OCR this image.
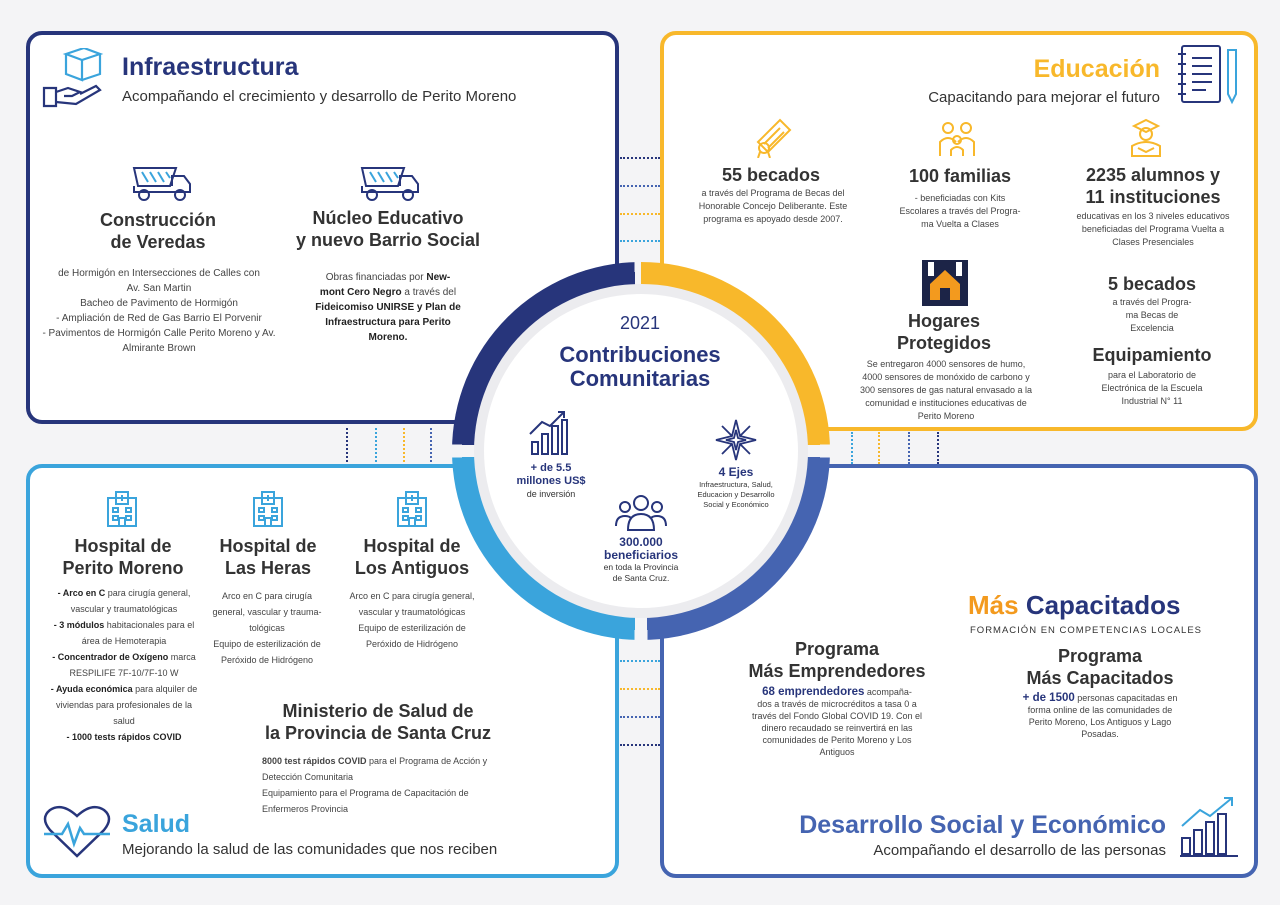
Infraestructura
Acompañando el crecimiento y desarrollo de Perito Moreno
Construcción
de Veredas
de Hormigón en Intersecciones de Calles con
Av. San Martin
Bacheo de Pavimento de Hormigón
- Ampliación de Red de Gas Barrio El Porvenir
- Pavimentos de Hormigón Calle Perito Moreno y Av.
Almirante Brown
Núcleo Educativo
y nuevo Barrio Social
Obras financiadas por New-
mont Cero Negro a través del
Fideicomiso UNIRSE y Plan de
Infraestructura para Perito
Moreno.
Educación
Capacitando para mejorar el futuro
55 becados
a través del Programa de Becas del
Honorable Concejo Deliberante. Este
programa es apoyado desde 2007.
100 familias
- beneficiadas con Kits
Escolares a través del Progra-
ma Vuelta a Clases
2235 alumnos y
11 instituciones
educativas en los 3 niveles educativos
beneficiadas del Programa Vuelta a
Clases Presenciales
Hogares
Protegidos
Se entregaron 4000 sensores de humo,
4000 sensores de monóxido de carbono y
300 sensores de gas natural envasado a la
comunidad e instituciones educativas de
Perito Moreno
5 becados
a través del Progra-
ma Becas de
Excelencia
Equipamiento
para el Laboratorio de
Electrónica de la Escuela
Industrial N° 11
Hospital de
Perito Moreno
- Arco en C para cirugía general,
vascular y traumatológicas
- 3 módulos habitacionales para el
área de Hemoterapia
- Concentrador de Oxígeno marca
RESPILIFE 7F-10/7F-10 W
- Ayuda económica para alquiler de
viviendas para profesionales de la
salud
- 1000 tests rápidos COVID
Hospital de
Las Heras
Arco en C para cirugía
general, vascular y trauma-
tológicas
Equipo de esterilización de
Peróxido de Hidrógeno
Hospital de
Los Antiguos
Arco en C para cirugía general,
vascular y traumatológicas
Equipo de esterilización de
Peróxido de Hidrógeno
Ministerio de Salud de
la Provincia de Santa Cruz
8000 test rápidos COVID para el Programa de Acción y
Detección Comunitaria
Equipamiento para el Programa de Capacitación de
Enfermeros Provincia
Salud
Mejorando la salud de las comunidades que nos reciben
Más Capacitados
FORMACIÓN EN COMPETENCIAS LOCALES
Programa
Más Emprendedores
68 emprendedores acompaña-
dos a través de microcréditos a tasa 0 a
través del Fondo Global COVID 19. Con el
dinero recaudado se reinvertirá en las
comunidades de Perito Moreno y Los
Antiguos
Programa
Más Capacitados
+ de 1500 personas capacitadas en
forma online de las comunidades de
Perito Moreno, Los Antiguos y Lago
Posadas.
Desarrollo Social y Económico
Acompañando el desarrollo de las personas
2021
Contribuciones
Comunitarias
+ de 5.5
millones US$
de inversión
4 Ejes
Infraestructura, Salud,
Educacion y Desarrollo
Social y Económico
300.000
beneficiarios
en toda la Provincia
de Santa Cruz.
